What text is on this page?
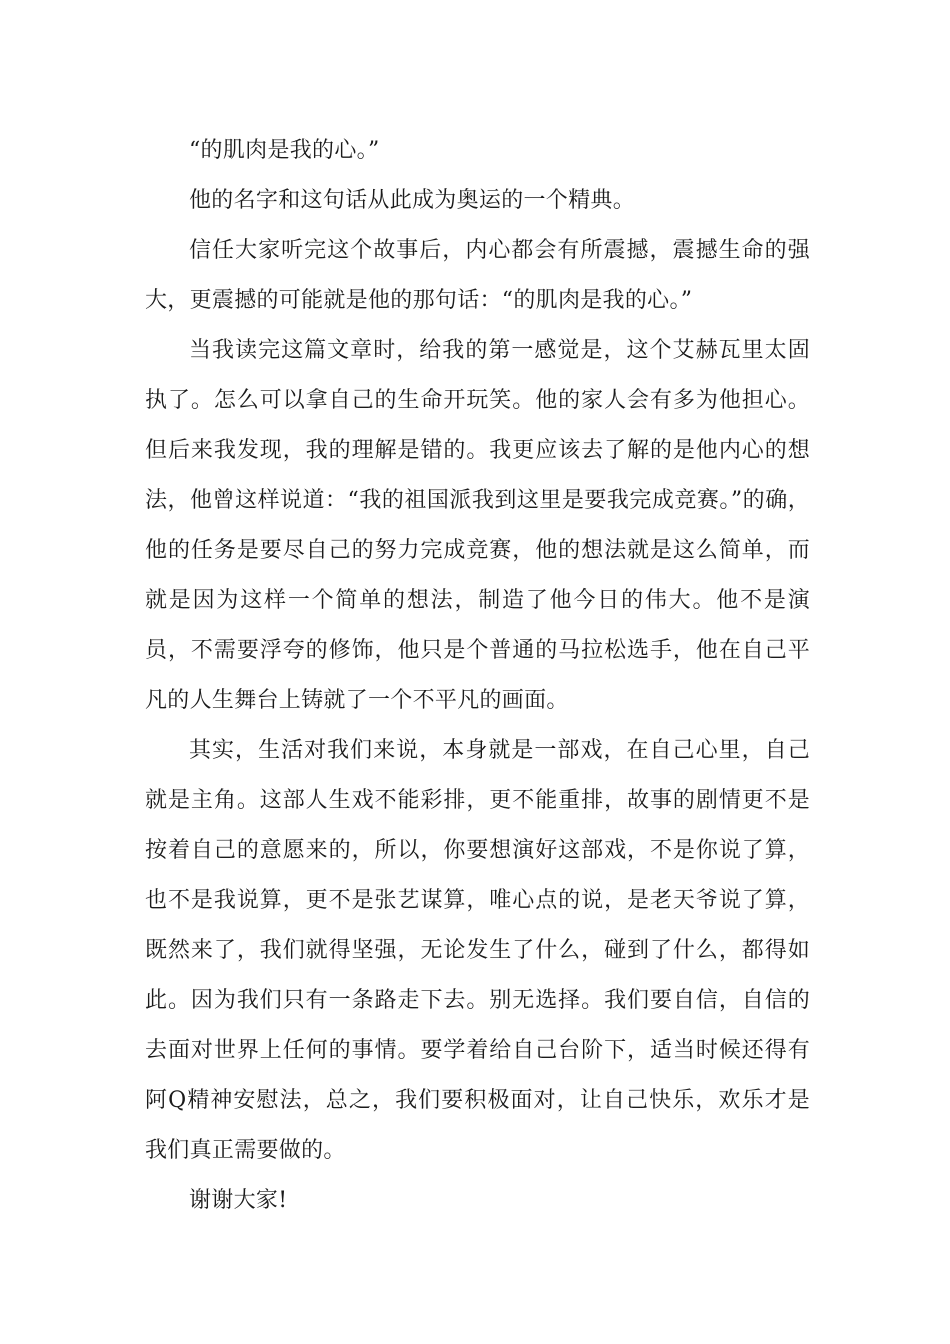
“的肌肉是我的心。”

他的名字和这句话从此成为奥运的一个精典。

信任大家听完这个故事后，内心都会有所震撼，震撼生命的强大，更震撼的可能就是他的那句话：“的肌肉是我的心。”

当我读完这篇文章时，给我的第一感觉是，这个艾赫瓦里太固执了。怎么可以拿自己的生命开玩笑。他的家人会有多为他担心。但后来我发现，我的理解是错的。我更应该去了解的是他内心的想法，他曾这样说道：“我的祖国派我到这里是要我完成竞赛。”的确，他的任务是要尽自己的努力完成竞赛，他的想法就是这么简单，而就是因为这样一个简单的想法，制造了他今日的伟大。他不是演员，不需要浮夸的修饰，他只是个普通的马拉松选手，他在自己平凡的人生舞台上铸就了一个不平凡的画面。

其实，生活对我们来说，本身就是一部戏，在自己心里，自己就是主角。这部人生戏不能彩排，更不能重排，故事的剧情更不是按着自己的意愿来的，所以，你要想演好这部戏，不是你说了算，也不是我说算，更不是张艺谋算，唯心点的说，是老天爷说了算，既然来了，我们就得坚强，无论发生了什么，碰到了什么，都得如此。因为我们只有一条路走下去。别无选择。我们要自信，自信的去面对世界上任何的事情。要学着给自己台阶下，适当时候还得有阿Q精神安慰法，总之，我们要积极面对，让自己快乐，欢乐才是我们真正需要做的。

谢谢大家!
